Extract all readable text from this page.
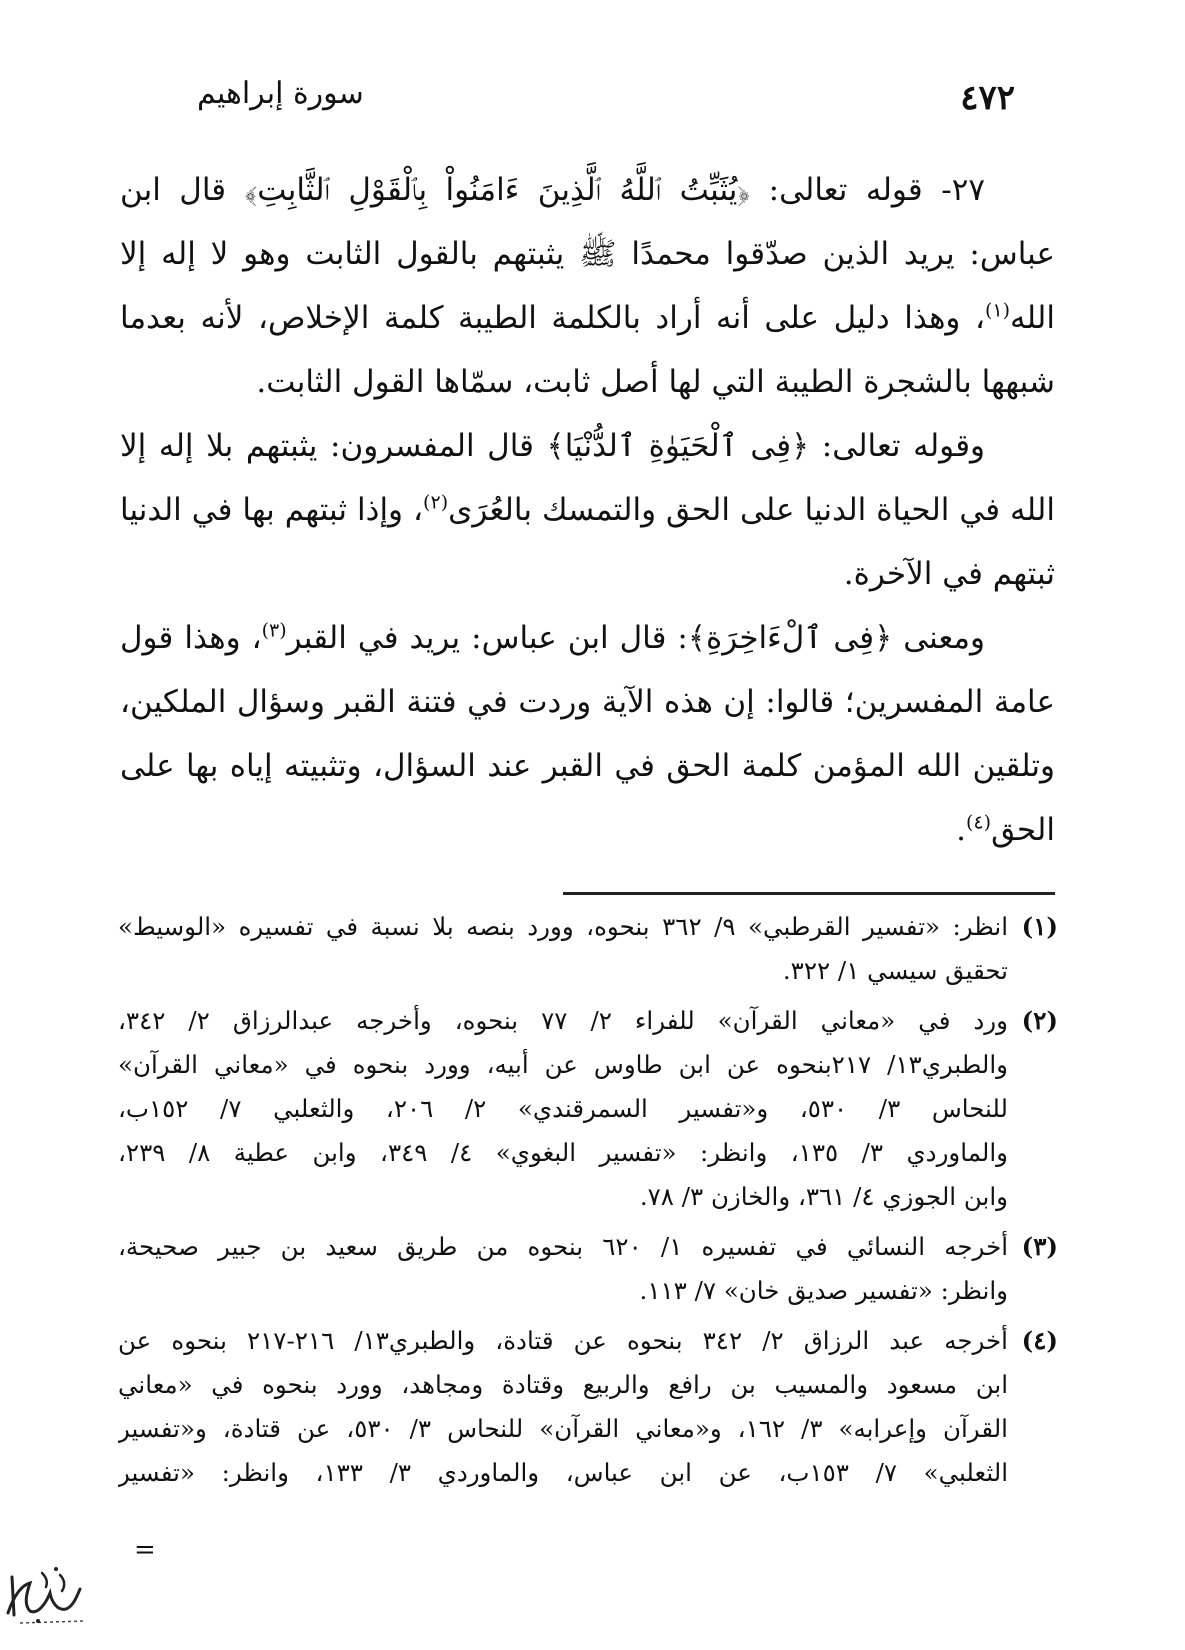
٤٧٢
سورة إبراهيم

٢٧- قوله تعالى: ﴿يُثَبِّتُ ٱللَّهُ ٱلَّذِينَ ءَامَنُواْ بِٱلْقَوْلِ ٱلثَّابِتِ﴾ قال ابن عباس: يريد الذين صدّقوا محمدًا ﷺ يثبتهم بالقول الثابت وهو لا إله إلا الله$^{(١)}$، وهذا دليل على أنه أراد بالكلمة الطيبة كلمة الإخلاص، لأنه بعدما شبهها بالشجرة الطيبة التي لها أصل ثابت، سمّاها القول الثابت.

وقوله تعالى: ﴿فِى ٱلْحَيَوٰةِ ٱلدُّنْيَا﴾ قال المفسرون: يثبتهم بلا إله إلا الله في الحياة الدنيا على الحق والتمسك بالعُرَى$^{(٢)}$، وإذا ثبتهم بها في الدنيا ثبتهم في الآخرة.

ومعنى ﴿فِى ٱلْءَاخِرَةِ﴾: قال ابن عباس: يريد في القبر$^{(٣)}$، وهذا قول عامة المفسرين؛ قالوا: إن هذه الآية وردت في فتنة القبر وسؤال الملكين، وتلقين الله المؤمن كلمة الحق في القبر عند السؤال، وتثبيته إياه بها على الحق$^{(٤)}$.

(١)
انظر: «تفسير القرطبي» ٩/ ٣٦٢ بنحوه، وورد بنصه بلا نسبة في تفسيره «الوسيط»
تحقيق سيسي ١/ ٣٢٢.
(٢)
ورد في «معاني القرآن» للفراء ٢/ ٧٧ بنحوه، وأخرجه عبدالرزاق ٢/ ٣٤٢،
والطبري١٣/ ٢١٧بنحوه عن ابن طاوس عن أبيه، وورد بنحوه في «معاني القرآن»
للنحاس ٣/ ٥٣٠، و«تفسير السمرقندي» ٢/ ٢٠٦، والثعلبي ٧/ ١٥٢ب،
والماوردي ٣/ ١٣٥، وانظر: «تفسير البغوي» ٤/ ٣٤٩، وابن عطية ٨/ ٢٣٩،
وابن الجوزي ٤/ ٣٦١، والخازن ٣/ ٧٨.
(٣)
أخرجه النسائي في تفسيره ١/ ٦٢٠ بنحوه من طريق سعيد بن جبير صحيحة،
وانظر: «تفسير صديق خان» ٧/ ١١٣.
(٤)
أخرجه عبد الرزاق ٢/ ٣٤٢ بنحوه عن قتادة، والطبري١٣/ ٢١٦-٢١٧ بنحوه عن
ابن مسعود والمسيب بن رافع والربيع وقتادة ومجاهد، وورد بنحوه في «معاني
القرآن وإعرابه» ٣/ ١٦٢، و«معاني القرآن» للنحاس ٣/ ٥٣٠، عن قتادة، و«تفسير
الثعلبي» ٧/ ١٥٣ب، عن ابن عباس، والماوردي ٣/ ١٣٣، وانظر: «تفسير
=
